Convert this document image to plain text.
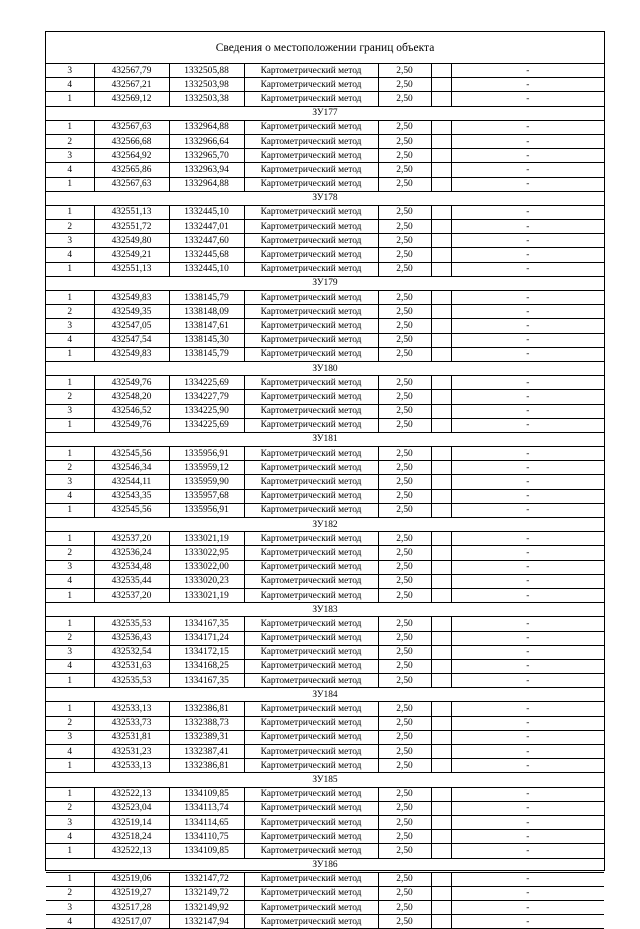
Сведения о местоположении границ объекта
3	432567,79	1332505,88	Картометрический метод	2,50		-
4	432567,21	1332503,98	Картометрический метод	2,50		-
1	432569,12	1332503,38	Картометрический метод	2,50		-
ЗУ177						
1	432567,63	1332964,88	Картометрический метод	2,50		-
2	432566,68	1332966,64	Картометрический метод	2,50		-
3	432564,92	1332965,70	Картометрический метод	2,50		-
4	432565,86	1332963,94	Картометрический метод	2,50		-
1	432567,63	1332964,88	Картометрический метод	2,50		-
ЗУ178						
1	432551,13	1332445,10	Картометрический метод	2,50		-
2	432551,72	1332447,01	Картометрический метод	2,50		-
3	432549,80	1332447,60	Картометрический метод	2,50		-
4	432549,21	1332445,68	Картометрический метод	2,50		-
1	432551,13	1332445,10	Картометрический метод	2,50		-
ЗУ179						
1	432549,83	1338145,79	Картометрический метод	2,50		-
2	432549,35	1338148,09	Картометрический метод	2,50		-
3	432547,05	1338147,61	Картометрический метод	2,50		-
4	432547,54	1338145,30	Картометрический метод	2,50		-
1	432549,83	1338145,79	Картометрический метод	2,50		-
ЗУ180						
1	432549,76	1334225,69	Картометрический метод	2,50		-
2	432548,20	1334227,79	Картометрический метод	2,50		-
3	432546,52	1334225,90	Картометрический метод	2,50		-
1	432549,76	1334225,69	Картометрический метод	2,50		-
ЗУ181						
1	432545,56	1335956,91	Картометрический метод	2,50		-
2	432546,34	1335959,12	Картометрический метод	2,50		-
3	432544,11	1335959,90	Картометрический метод	2,50		-
4	432543,35	1335957,68	Картометрический метод	2,50		-
1	432545,56	1335956,91	Картометрический метод	2,50		-
ЗУ182						
1	432537,20	1333021,19	Картометрический метод	2,50		-
2	432536,24	1333022,95	Картометрический метод	2,50		-
3	432534,48	1333022,00	Картометрический метод	2,50		-
4	432535,44	1333020,23	Картометрический метод	2,50		-
1	432537,20	1333021,19	Картометрический метод	2,50		-
ЗУ183						
1	432535,53	1334167,35	Картометрический метод	2,50		-
2	432536,43	1334171,24	Картометрический метод	2,50		-
3	432532,54	1334172,15	Картометрический метод	2,50		-
4	432531,63	1334168,25	Картометрический метод	2,50		-
1	432535,53	1334167,35	Картометрический метод	2,50		-
ЗУ184						
1	432533,13	1332386,81	Картометрический метод	2,50		-
2	432533,73	1332388,73	Картометрический метод	2,50		-
3	432531,81	1332389,31	Картометрический метод	2,50		-
4	432531,23	1332387,41	Картометрический метод	2,50		-
1	432533,13	1332386,81	Картометрический метод	2,50		-
ЗУ185						
1	432522,13	1334109,85	Картометрический метод	2,50		-
2	432523,04	1334113,74	Картометрический метод	2,50		-
3	432519,14	1334114,65	Картометрический метод	2,50		-
4	432518,24	1334110,75	Картометрический метод	2,50		-
1	432522,13	1334109,85	Картометрический метод	2,50		-
ЗУ186						
1	432519,06	1332147,72	Картометрический метод	2,50		-
2	432519,27	1332149,72	Картометрический метод	2,50		-
3	432517,28	1332149,92	Картометрический метод	2,50		-
4	432517,07	1332147,94	Картометрический метод	2,50		-
